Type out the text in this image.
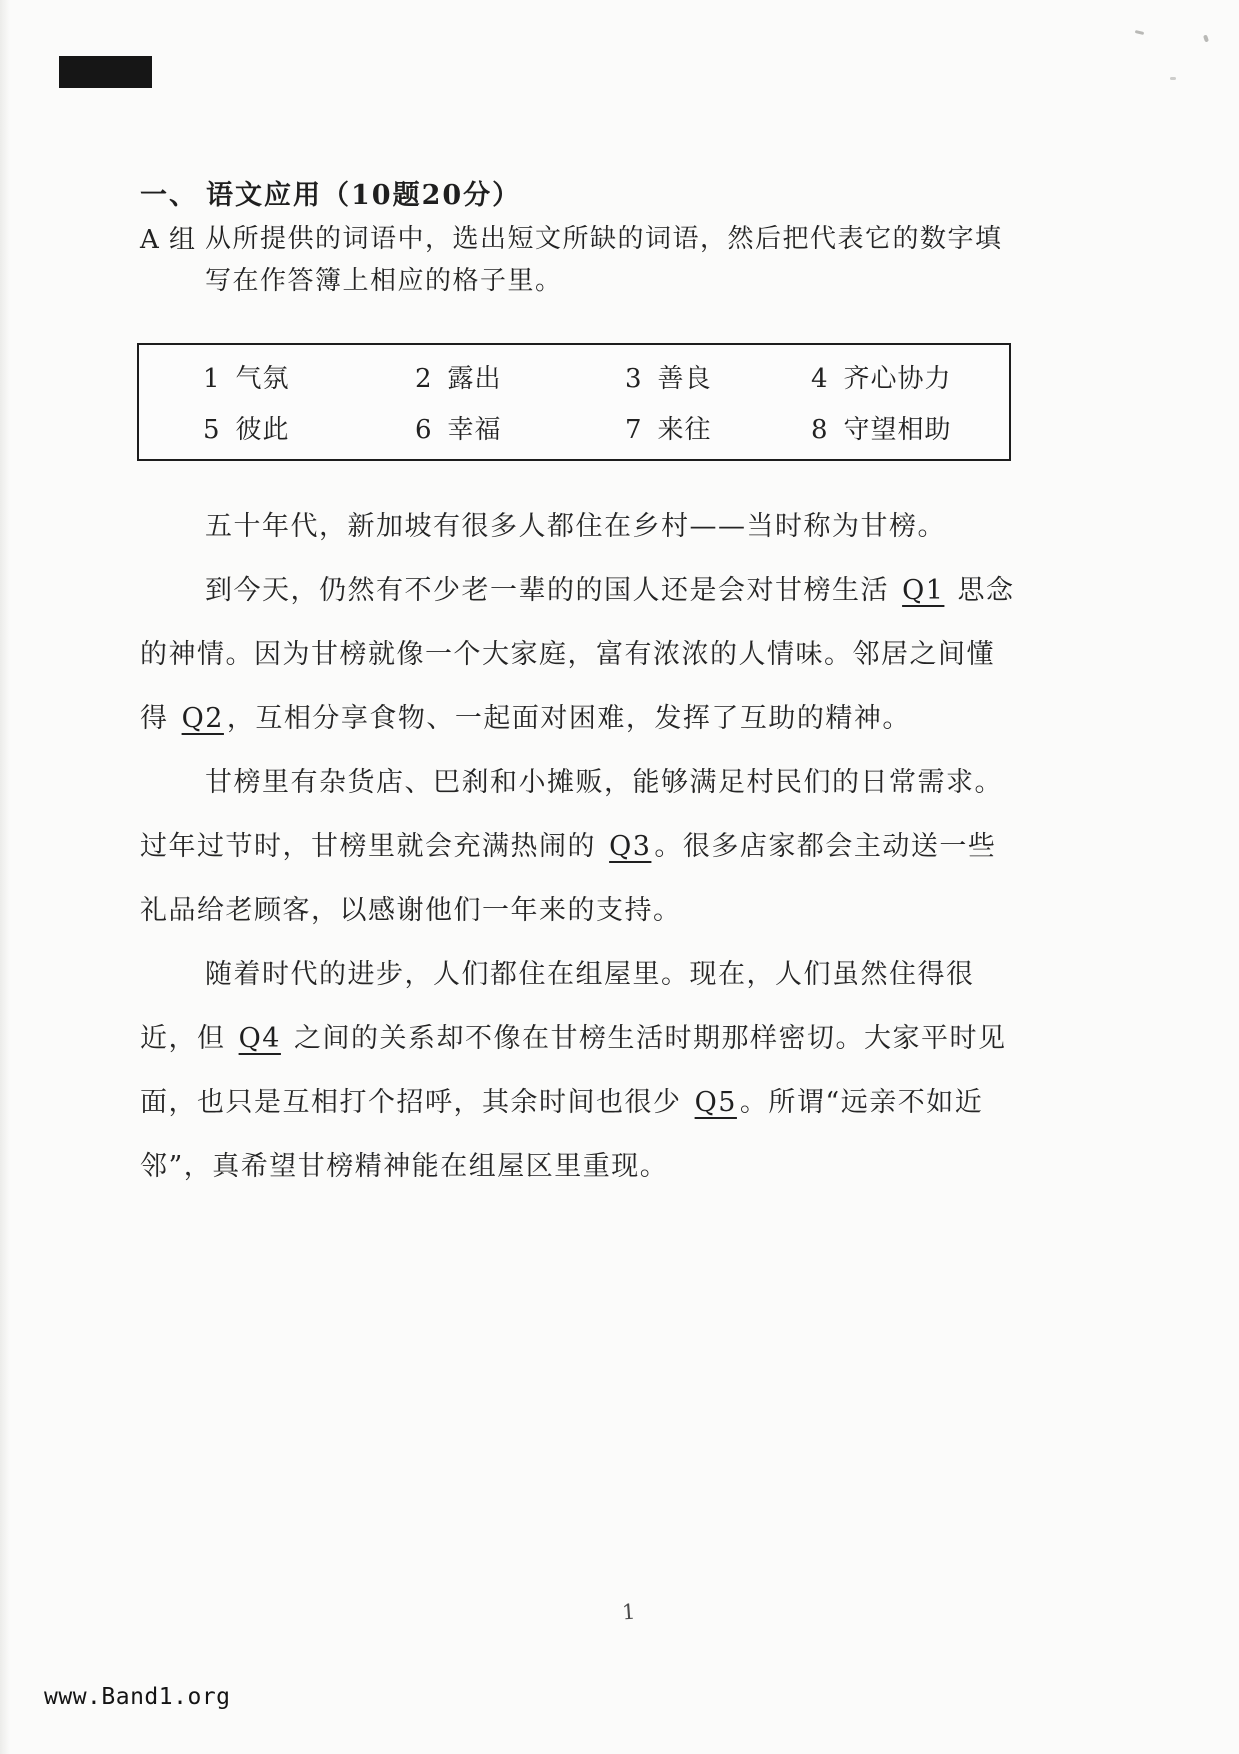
一、 语文应用（10题20分）
A 组 从所提供的词语中，选出短文所缺的词语，然后把代表它的数字填
写在作答簿上相应的格子里。
1 气氛	2 露出	3 善良	4 齐心协力
5 彼此	6 幸福	7 来往	8 守望相助
五十年代，新加坡有很多人都住在乡村——当时称为甘榜。
到今天，仍然有不少老一辈的的国人还是会对甘榜生活 Q1 思念
的神情。因为甘榜就像一个大家庭，富有浓浓的人情味。邻居之间懂
得 Q2 ，互相分享食物、一起面对困难，发挥了互助的精神。
甘榜里有杂货店、巴刹和小摊贩，能够满足村民们的日常需求。
过年过节时，甘榜里就会充满热闹的 Q3 。很多店家都会主动送一些
礼品给老顾客，以感谢他们一年来的支持。
随着时代的进步，人们都住在组屋里。现在，人们虽然住得很
近，但 Q4 之间的关系却不像在甘榜生活时期那样密切。大家平时见
面，也只是互相打个招呼，其余时间也很少 Q5 。所谓“远亲不如近
邻”，真希望甘榜精神能在组屋区里重现。
1
www.Band1.org
